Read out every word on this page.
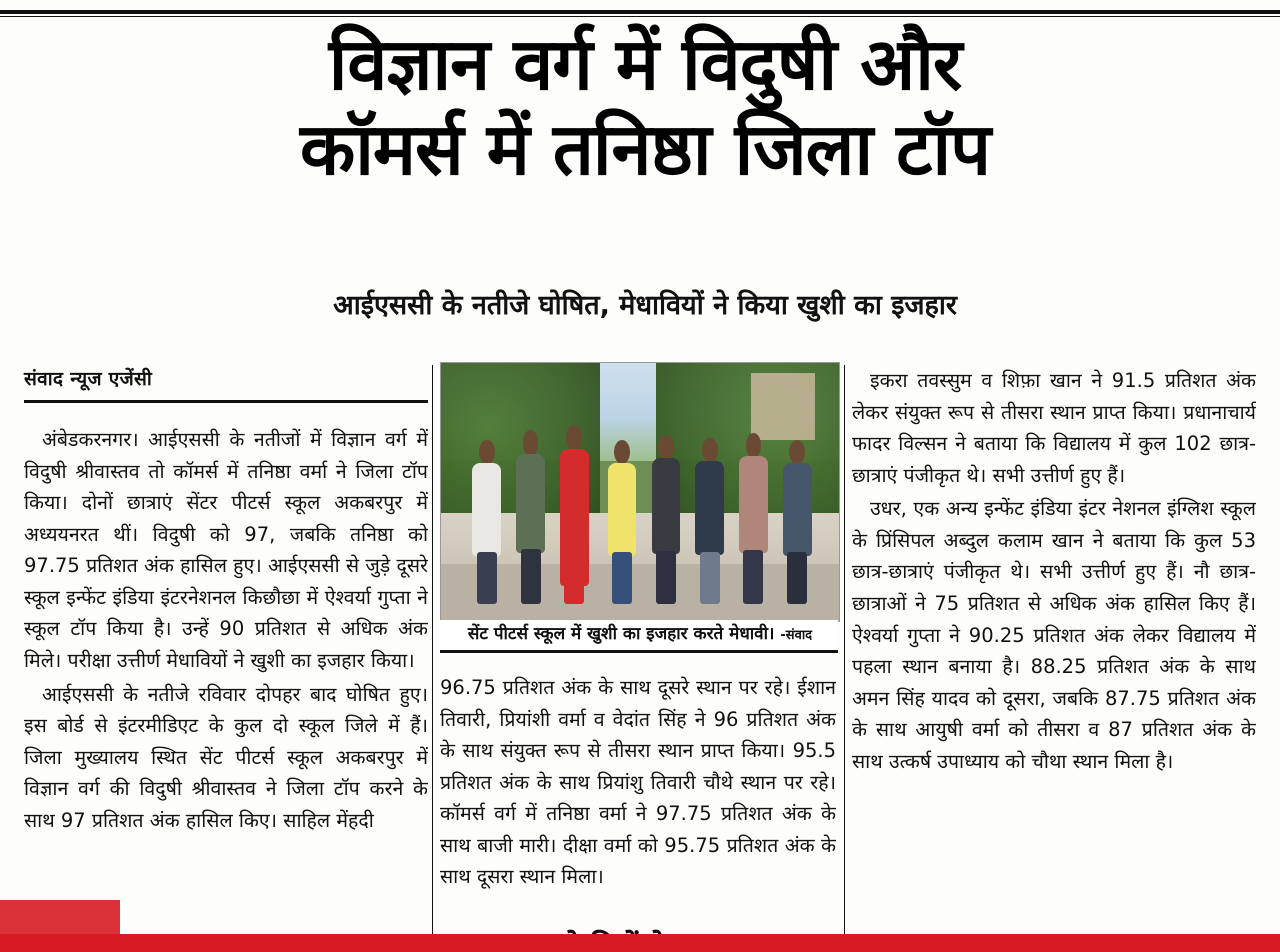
विज्ञान वर्ग में विदुषी और
कॉमर्स में तनिष्ठा जिला टॉप
आईएससी के नतीजे घोषित, मेधावियों ने किया खुशी का इजहार
संवाद न्यूज एजेंसी
सेंट पीटर्स स्कूल में खुशी का इजहार करते मेधावी। -संवाद

अंबेडकरनगर। आईएससी के नतीजों में विज्ञान वर्ग में विदुषी श्रीवास्तव तो कॉमर्स में तनिष्ठा वर्मा ने जिला टॉप किया। दोनों छात्राएं सेंटर पीटर्स स्कूल अकबरपुर में अध्ययनरत थीं। विदुषी को 97, जबकि तनिष्ठा को 97.75 प्रतिशत अंक हासिल हुए। आईएससी से जुड़े दूसरे स्कूल इन्फेंट इंडिया इंटरनेशनल किछौछा में ऐश्वर्या गुप्ता ने स्कूल टॉप किया है। उन्हें 90 प्रतिशत से अधिक अंक मिले। परीक्षा उत्तीर्ण मेधावियों ने खुशी का इजहार किया।

आईएससी के नतीजे रविवार दोपहर बाद घोषित हुए। इस बोर्ड से इंटरमीडिएट के कुल दो स्कूल जिले में हैं। जिला मुख्यालय स्थित सेंट पीटर्स स्कूल अकबरपुर में विज्ञान वर्ग की विदुषी श्रीवास्तव ने जिला टॉप करने के साथ 97 प्रतिशत अंक हासिल किए। साहिल मेंहदी

96.75 प्रतिशत अंक के साथ दूसरे स्थान पर रहे। ईशान तिवारी, प्रियांशी वर्मा व वेदांत सिंह ने 96 प्रतिशत अंक के साथ संयुक्त रूप से तीसरा स्थान प्राप्त किया। 95.5 प्रतिशत अंक के साथ प्रियांशु तिवारी चौथे स्थान पर रहे। कॉमर्स वर्ग में तनिष्ठा वर्मा ने 97.75 प्रतिशत अंक के साथ बाजी मारी। दीक्षा वर्मा को 95.75 प्रतिशत अंक के साथ दूसरा स्थान मिला।

इकरा तवस्सुम व शिफ़ा खान ने 91.5 प्रतिशत अंक लेकर संयुक्त रूप से तीसरा स्थान प्राप्त किया। प्रधानाचार्य फादर विल्सन ने बताया कि विद्यालय में कुल 102 छात्र-छात्राएं पंजीकृत थे। सभी उत्तीर्ण हुए हैं।

उधर, एक अन्य इन्फेंट इंडिया इंटर नेशनल इंग्लिश स्कूल के प्रिंसिपल अब्दुल कलाम खान ने बताया कि कुल 53 छात्र-छात्राएं पंजीकृत थे। सभी उत्तीर्ण हुए हैं। नौ छात्र-छात्राओं ने 75 प्रतिशत से अधिक अंक हासिल किए हैं। ऐश्वर्या गुप्ता ने 90.25 प्रतिशत अंक लेकर विद्यालय में पहला स्थान बनाया है। 88.25 प्रतिशत अंक के साथ अमन सिंह यादव को दूसरा, जबकि 87.75 प्रतिशत अंक के साथ आयुषी वर्मा को तीसरा व 87 प्रतिशत अंक के साथ उत्कर्ष उपाध्याय को चौथा स्थान मिला है।
